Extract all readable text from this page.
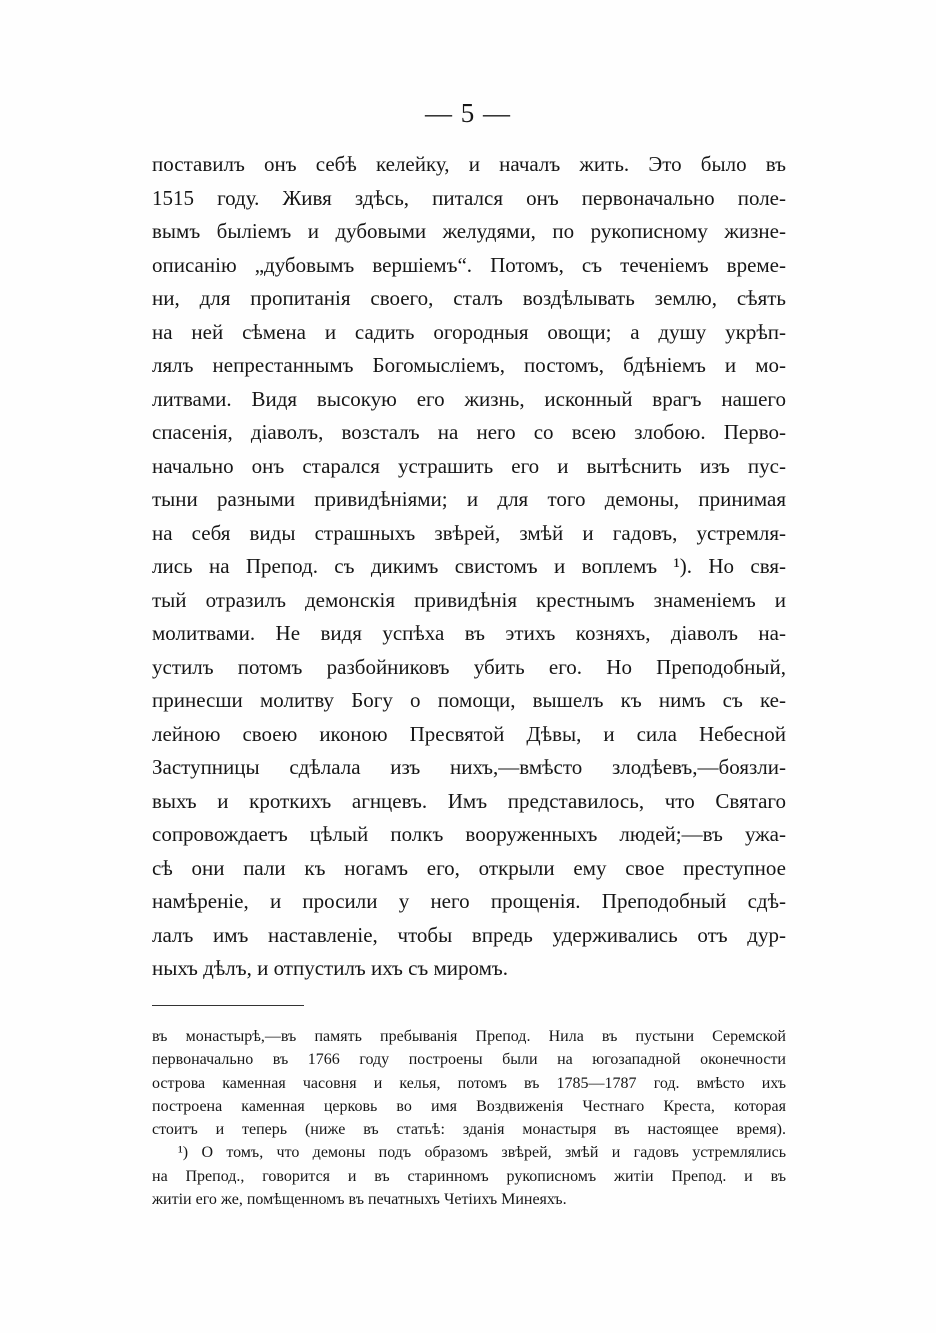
— 5 —
поставилъ онъ себѣ келейку, и началъ жить. Это было въ
1515 году. Живя здѣсь, питался онъ первоначально поле-
вымъ быліемъ и дубовыми желудями, по рукописному жизне-
описанію „дубовымъ вершіемъ“. Потомъ, съ теченіемъ време-
ни, для пропитанія своего, сталъ воздѣлывать землю, сѣять
на ней сѣмена и садить огородныя овощи; а душу укрѣп-
лялъ непрестаннымъ Богомысліемъ, постомъ, бдѣніемъ и мо-
литвами. Видя высокую его жизнь, исконный врагъ нашего
спасенія, діаволъ, возсталъ на него со всею злобою. Перво-
начально онъ старался устрашить его и вытѣснить изъ пус-
тыни разными привидѣніями; и для того демоны, принимая
на себя виды страшныхъ звѣрей, змѣй и гадовъ, устремля-
лись на Препод. съ дикимъ свистомъ и воплемъ ¹). Но свя-
тый отразилъ демонскія привидѣнія крестнымъ знаменіемъ и
молитвами. Не видя успѣха въ этихъ козняхъ, діаволъ на-
устилъ потомъ разбойниковъ убить его. Но Преподобный,
принесши молитву Богу о помощи, вышелъ къ нимъ съ ке-
лейною своею иконою Пресвятой Дѣвы, и сила Небесной
Заступницы сдѣлала изъ нихъ,—вмѣсто злодѣевъ,—боязли-
выхъ и кроткихъ агнцевъ. Имъ представилось, что Святаго
сопровождаетъ цѣлый полкъ вооруженныхъ людей;—въ ужа-
сѣ они пали къ ногамъ его, открыли ему свое преступное
намѣреніе, и просили у него прощенія. Преподобный сдѣ-
лалъ имъ наставленіе, чтобы впредь удерживались отъ дур-
ныхъ дѣлъ, и отпустилъ ихъ съ миромъ.
въ монастырѣ,—въ память пребыванія Препод. Нила въ пустыни Серемской
первоначально въ 1766 году построены были на югозападной оконечности
острова каменная часовня и келья, потомъ въ 1785—1787 год. вмѣсто ихъ
построена каменная церковь во имя Воздвиженія Честнаго Креста, которая
стоитъ и теперь (ниже въ статьѣ: зданія монастыря въ настоящее время).
¹) О томъ, что демоны подъ образомъ звѣрей, змѣй и гадовъ устремлялись
на Препод., говорится и въ старинномъ рукописномъ житіи Препод. и въ
житіи его же, помѣщенномъ въ печатныхъ Четіихъ Минеяхъ.
